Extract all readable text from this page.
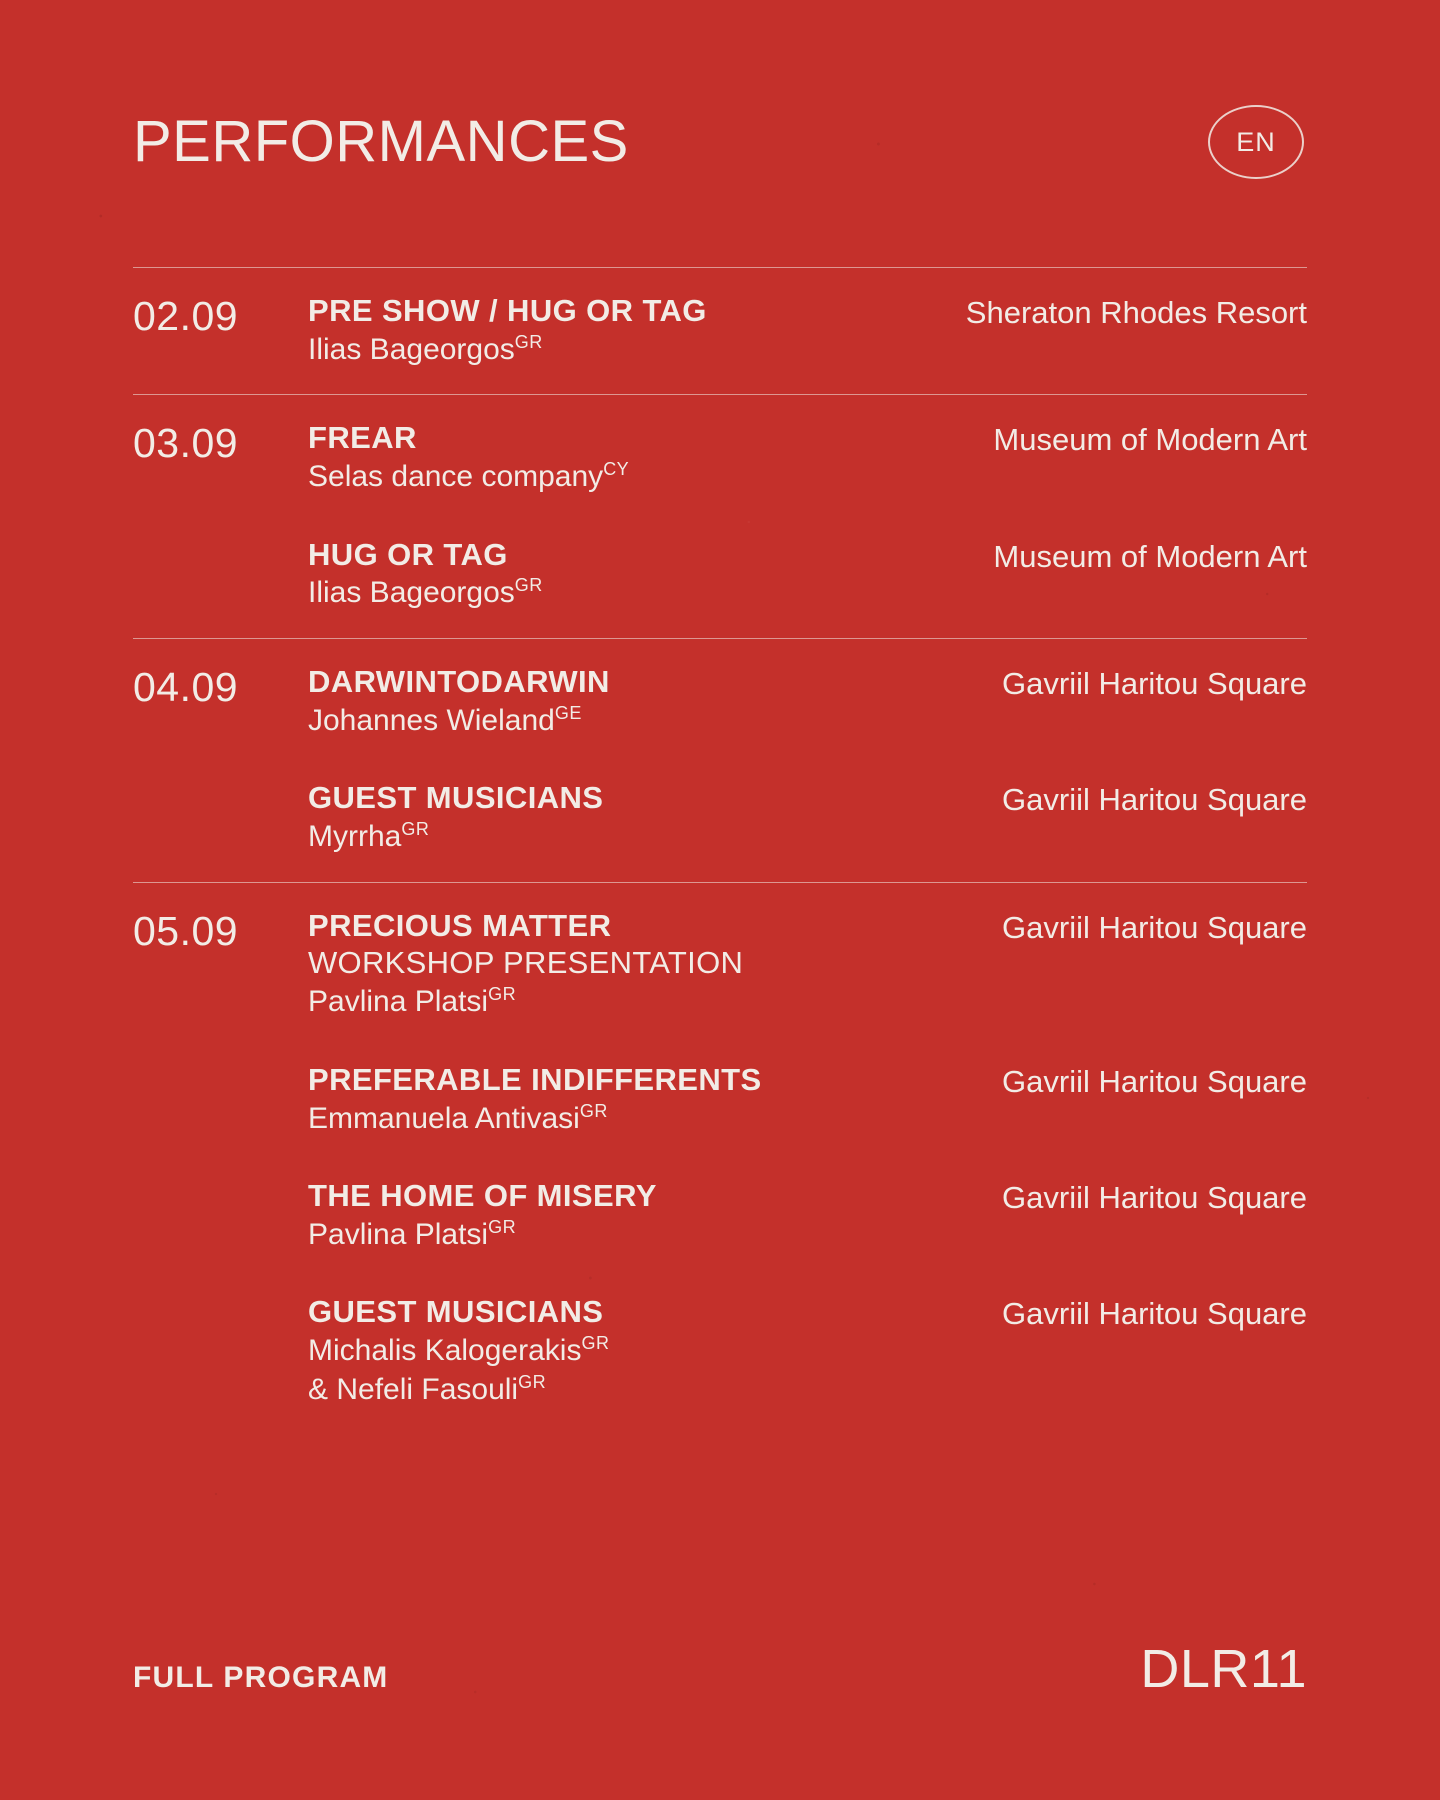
PERFORMANCES	EN
02.09	PRE SHOW / HUG OR TAG
Ilias Bageorgos$^{GR}$
Sheraton Rhodes Resort
03.09	FREAR
Selas dance company$^{CY}$
Museum of Modern Art
HUG OR TAG
Ilias Bageorgos$^{GR}$
Museum of Modern Art
04.09	DARWINTODARWIN
Johannes Wieland$^{GE}$
Gavriil Haritou Square
GUEST MUSICIANS
Myrrha$^{GR}$
Gavriil Haritou Square
05.09	PRECIOUS MATTER
WORKSHOP PRESENTATION
Pavlina Platsi$^{GR}$
Gavriil Haritou Square
PREFERABLE INDIFFERENTS
Emmanuela Antivasi$^{GR}$
Gavriil Haritou Square
THE HOME OF MISERY
Pavlina Platsi$^{GR}$
Gavriil Haritou Square
GUEST MUSICIANS
Michalis Kalogerakis$^{GR}$
& Nefeli Fasouli$^{GR}$
Gavriil Haritou Square
FULL PROGRAM	DLR11
